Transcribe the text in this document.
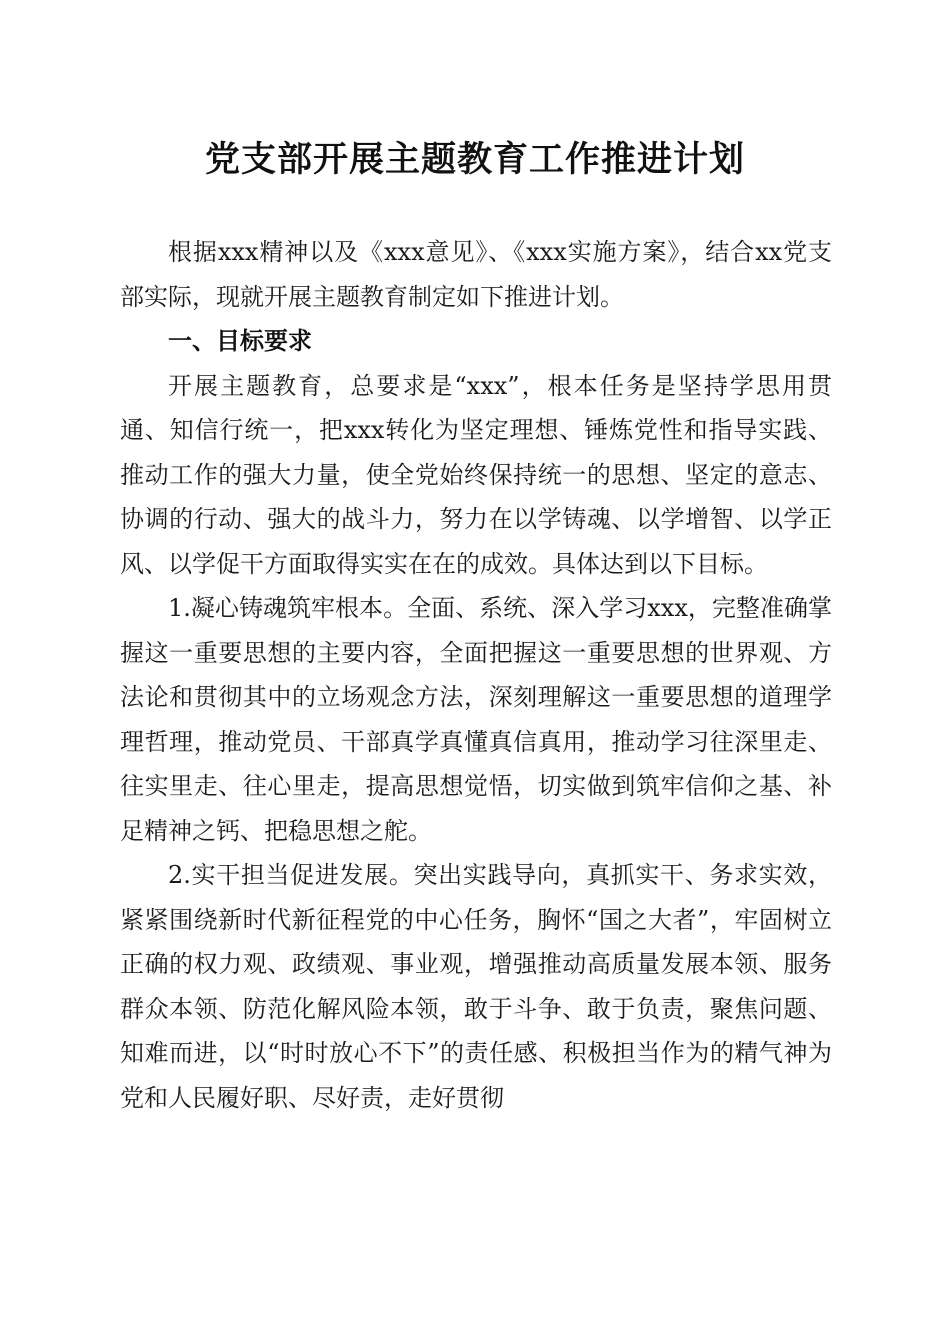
党支部开展主题教育工作推进计划

根据xxx精神以及《xxx意见》、《xxx实施方案》，结合xx党支部实际，现就开展主题教育制定如下推进计划。

一、目标要求

开展主题教育，总要求是“xxx”，根本任务是坚持学思用贯通、知信行统一，把xxx转化为坚定理想、锤炼党性和指导实践、推动工作的强大力量，使全党始终保持统一的思想、坚定的意志、协调的行动、强大的战斗力，努力在以学铸魂、以学增智、以学正风、以学促干方面取得实实在在的成效。具体达到以下目标。

1.凝心铸魂筑牢根本。全面、系统、深入学习xxx，完整准确掌握这一重要思想的主要内容，全面把握这一重要思想的世界观、方法论和贯彻其中的立场观念方法，深刻理解这一重要思想的道理学理哲理，推动党员、干部真学真懂真信真用，推动学习往深里走、往实里走、往心里走，提高思想觉悟，切实做到筑牢信仰之基、补足精神之钙、把稳思想之舵。

2.实干担当促进发展。突出实践导向，真抓实干、务求实效，紧紧围绕新时代新征程党的中心任务，胸怀“国之大者”，牢固树立正确的权力观、政绩观、事业观，增强推动高质量发展本领、服务群众本领、防范化解风险本领，敢于斗争、敢于负责，聚焦问题、知难而进，以“时时放心不下”的责任感、积极担当作为的精气神为党和人民履好职、尽好责，走好贯彻
